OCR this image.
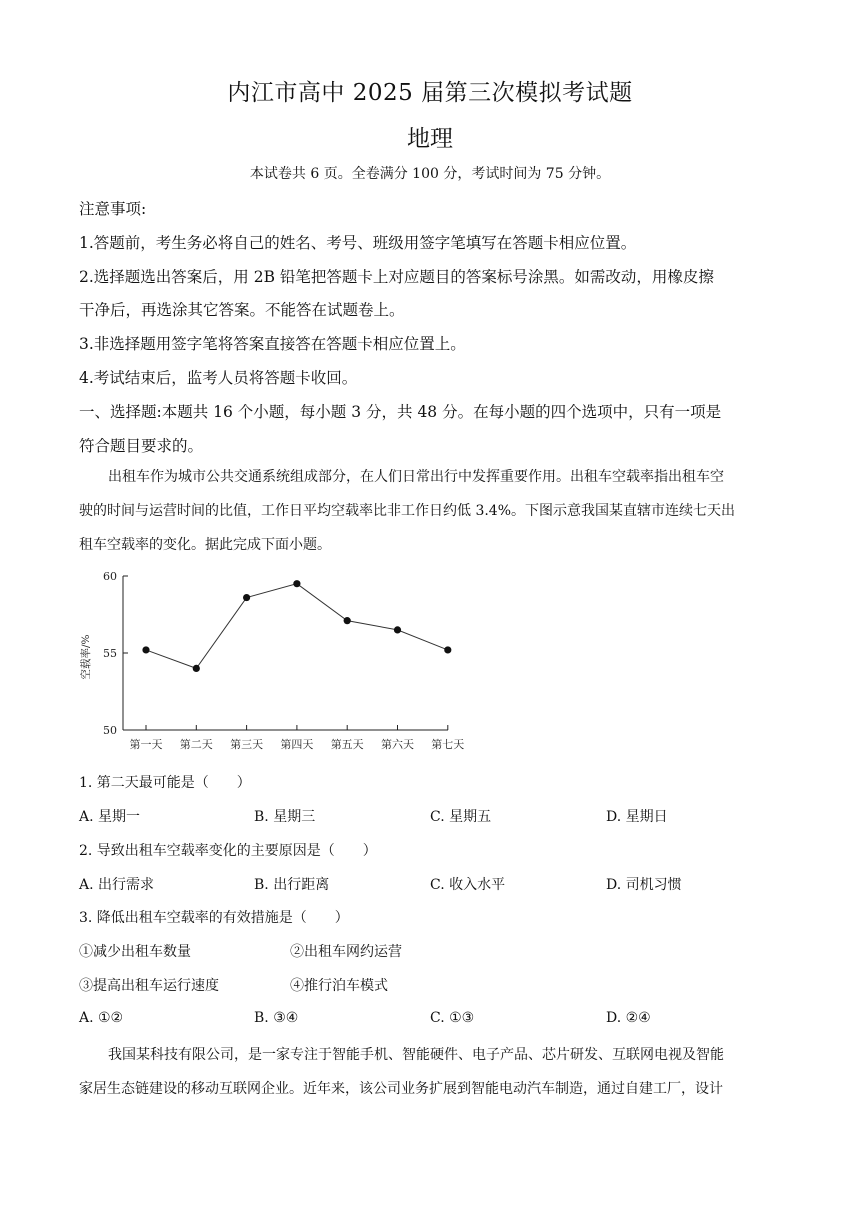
内江市高中 2025 届第三次模拟考试题
地理
本试卷共 6 页。全卷满分 100 分，考试时间为 75 分钟。
注意事项:
1.答题前，考生务必将自己的姓名、考号、班级用签字笔填写在答题卡相应位置。
2.选择题选出答案后，用 2B 铅笔把答题卡上对应题目的答案标号涂黑。如需改动，用橡皮擦
干净后，再选涂其它答案。不能答在试题卷上。
3.非选择题用签字笔将答案直接答在答题卡相应位置上。
4.考试结束后，监考人员将答题卡收回。
一、选择题:本题共 16 个小题，每小题 3 分，共 48 分。在每小题的四个选项中，只有一项是
符合题目要求的。
出租车作为城市公共交通系统组成部分，在人们日常出行中发挥重要作用。出租车空载率指出租车空
驶的时间与运营时间的比值，工作日平均空载率比非工作日约低 3.4%。下图示意我国某直辖市连续七天出
租车空载率的变化。据此完成下面小题。
50
55
60
第一天 第二天 第三天 第四天 第五天 第六天 第七天
空载率/%
1. 第二天最可能是（　　）
A. 星期一	B. 星期三	C. 星期五	D. 星期日
2. 导致出租车空载率变化的主要原因是（　　）
A. 出行需求	B. 出行距离	C. 收入水平	D. 司机习惯
3. 降低出租车空载率的有效措施是（　　）
①减少出租车数量	②出租车网约运营
③提高出租车运行速度	④推行泊车模式
A. ①②	B. ③④	C. ①③	D. ②④
我国某科技有限公司，是一家专注于智能手机、智能硬件、电子产品、芯片研发、互联网电视及智能
家居生态链建设的移动互联网企业。近年来，该公司业务扩展到智能电动汽车制造，通过自建工厂，设计
